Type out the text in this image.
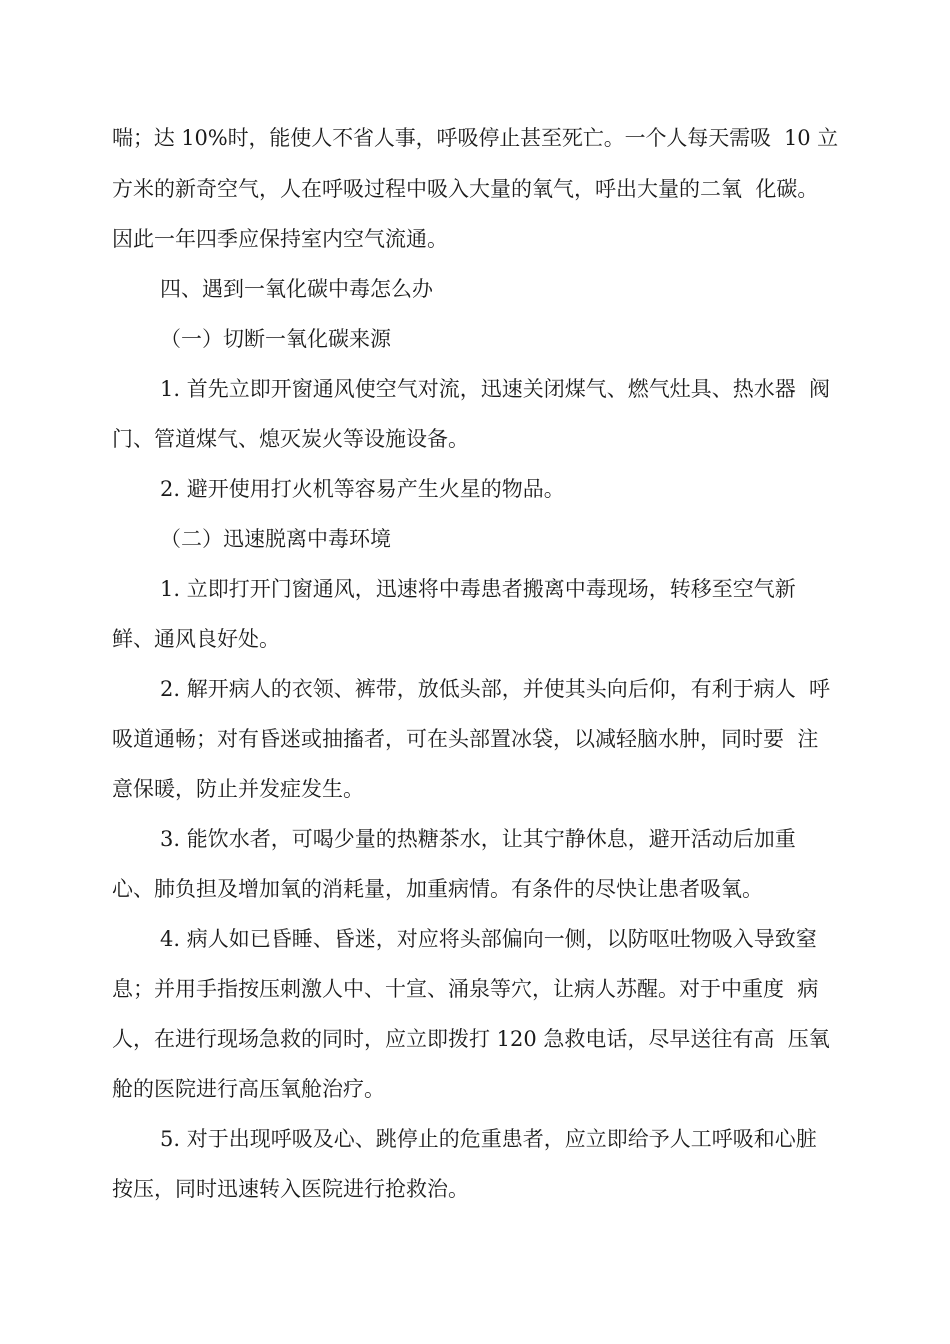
喘；达 10%时，能使人不省人事，呼吸停止甚至死亡。一个人每天需吸  10 立
方米的新奇空气，人在呼吸过程中吸入大量的氧气，呼出大量的二氧  化碳。
因此一年四季应保持室内空气流通。
四、遇到一氧化碳中毒怎么办
（一）切断一氧化碳来源
1. 首先立即开窗通风使空气对流，迅速关闭煤气、燃气灶具、热水器  阀
门、管道煤气、熄灭炭火等设施设备。
2. 避开使用打火机等容易产生火星的物品。
（二）迅速脱离中毒环境
1. 立即打开门窗通风，迅速将中毒患者搬离中毒现场，转移至空气新
鲜、通风良好处。
2. 解开病人的衣领、裤带，放低头部，并使其头向后仰，有利于病人  呼
吸道通畅；对有昏迷或抽搐者，可在头部置冰袋，以减轻脑水肿，同时要  注
意保暖，防止并发症发生。
3. 能饮水者，可喝少量的热糖茶水，让其宁静休息，避开活动后加重
心、肺负担及增加氧的消耗量，加重病情。有条件的尽快让患者吸氧。
4. 病人如已昏睡、昏迷，对应将头部偏向一侧，以防呕吐物吸入导致窒
息；并用手指按压刺激人中、十宣、涌泉等穴，让病人苏醒。对于中重度  病
人，在进行现场急救的同时，应立即拨打 120 急救电话，尽早送往有高  压氧
舱的医院进行高压氧舱治疗。
5. 对于出现呼吸及心、跳停止的危重患者，应立即给予人工呼吸和心脏
按压，同时迅速转入医院进行抢救治。
